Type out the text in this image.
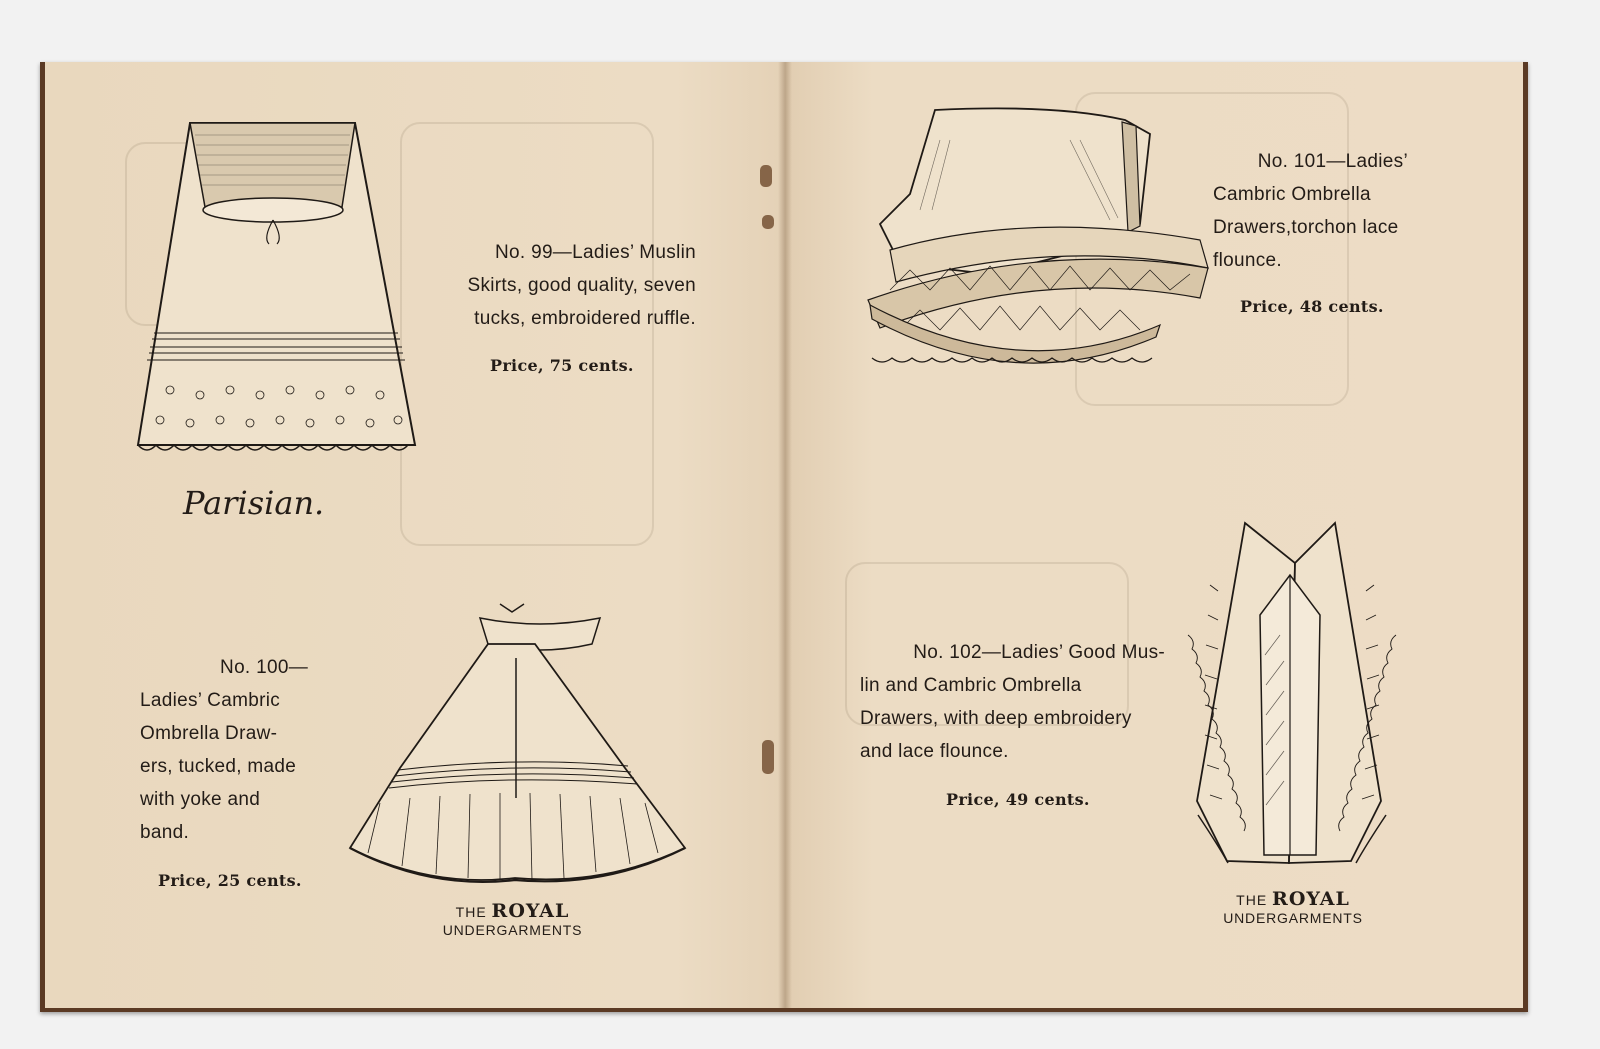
Parisian.
No. 99—Ladies’ Muslin
Skirts, good quality, seven
tucks, embroidered ruffle.
Price, 75 cents.
No. 100—
Ladies’ Cambric
Ombrella Draw-
ers, tucked, made
with yoke and
band.
Price, 25 cents.
THE ROYAL
UNDERGARMENTS
No. 101—Ladies’
Cambric Ombrella
Drawers,torchon lace
flounce.
Price, 48 cents.
No. 102—Ladies’ Good Mus-
lin and Cambric Ombrella
Drawers, with deep embroidery
and lace flounce.
Price, 49 cents.
THE ROYAL
UNDERGARMENTS
